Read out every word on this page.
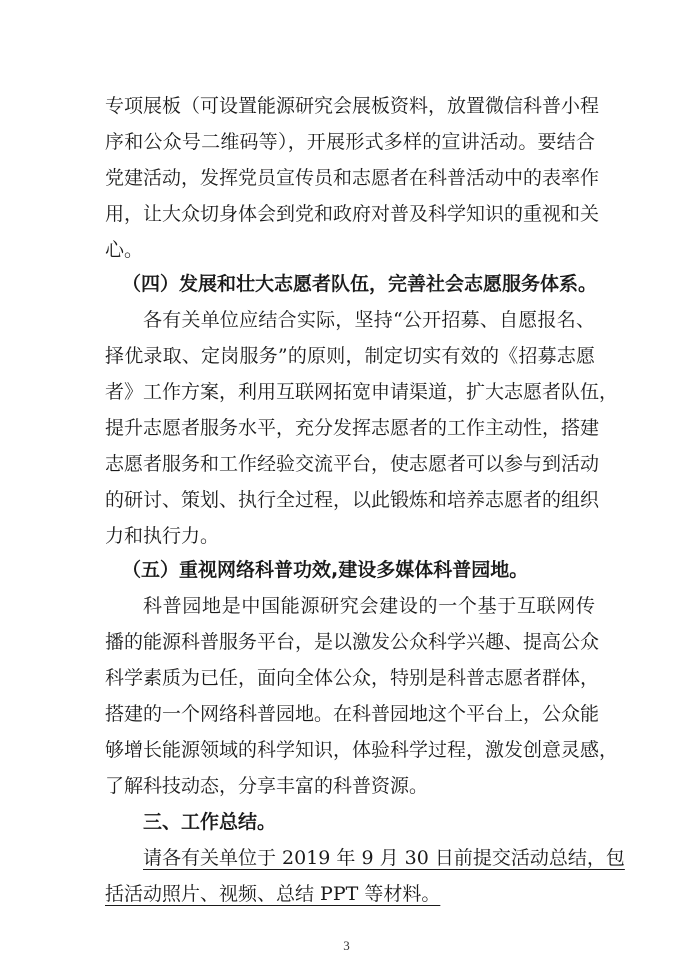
专项展板（可设置能源研究会展板资料，放置微信科普小程
序和公众号二维码等），开展形式多样的宣讲活动。要结合
党建活动，发挥党员宣传员和志愿者在科普活动中的表率作
用，让大众切身体会到党和政府对普及科学知识的重视和关
心。
（四）发展和壮大志愿者队伍，完善社会志愿服务体系。
各有关单位应结合实际，坚持“公开招募、自愿报名、
择优录取、定岗服务”的原则，制定切实有效的《招募志愿
者》工作方案，利用互联网拓宽申请渠道，扩大志愿者队伍，
提升志愿者服务水平，充分发挥志愿者的工作主动性，搭建
志愿者服务和工作经验交流平台，使志愿者可以参与到活动
的研讨、策划、执行全过程，以此锻炼和培养志愿者的组织
力和执行力。
（五）重视网络科普功效,建设多媒体科普园地。
科普园地是中国能源研究会建设的一个基于互联网传
播的能源科普服务平台，是以激发公众科学兴趣、提高公众
科学素质为已任，面向全体公众，特别是科普志愿者群体，
搭建的一个网络科普园地。在科普园地这个平台上，公众能
够增长能源领域的科学知识，体验科学过程，激发创意灵感，
了解科技动态，分享丰富的科普资源。
三、工作总结。
请各有关单位于 2019 年 9 月 30 日前提交活动总结，包
括活动照片、视频、总结 PPT 等材料。
3
